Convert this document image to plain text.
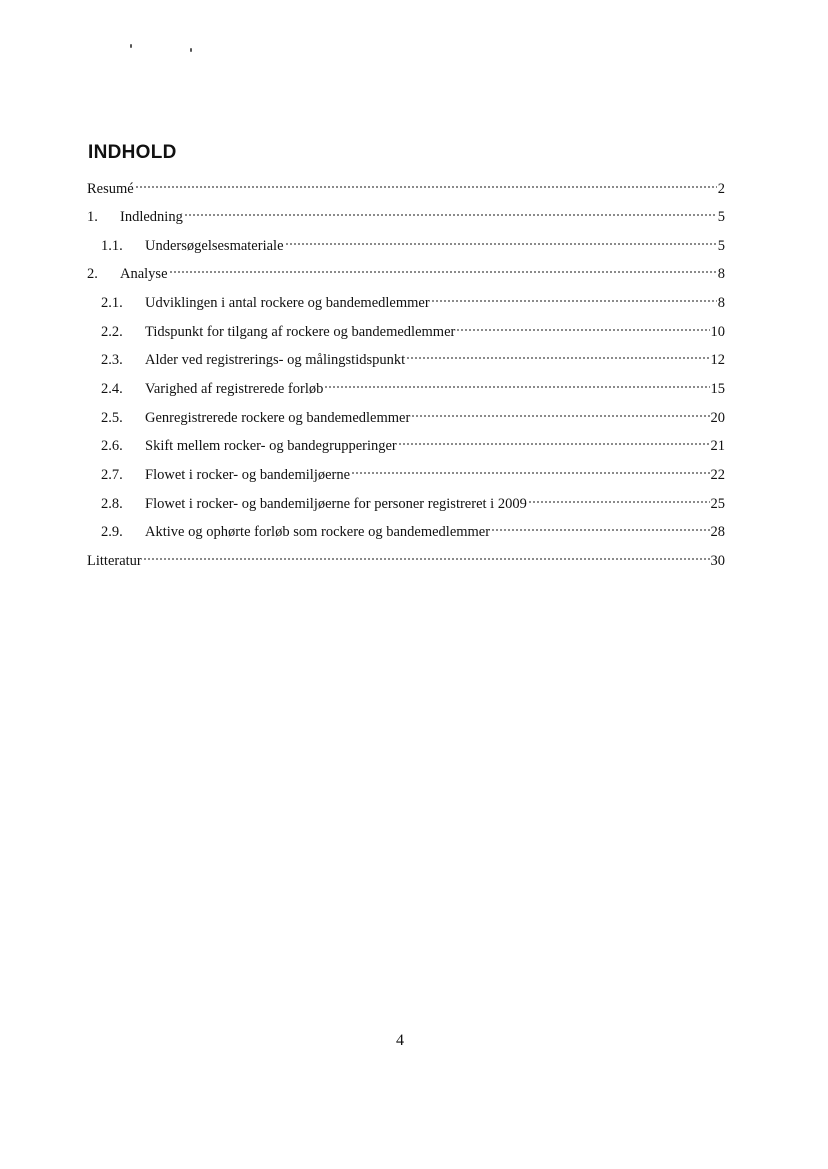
INDHOLD
Resumé	2
1.	Indledning	5
1.1.	Undersøgelsesmateriale	5
2.	Analyse	8
2.1.	Udviklingen i antal rockere og bandemedlemmer	8
2.2.	Tidspunkt for tilgang af rockere og bandemedlemmer	10
2.3.	Alder ved registrerings- og målingstidspunkt	12
2.4.	Varighed af registrerede forløb	15
2.5.	Genregistrerede rockere og bandemedlemmer	20
2.6.	Skift mellem rocker- og bandegrupperinger	21
2.7.	Flowet i rocker- og bandemiljøerne	22
2.8.	Flowet i rocker- og bandemiljøerne for personer registreret i 2009	25
2.9.	Aktive og ophørte forløb som rockere og bandemedlemmer	28
Litteratur	30
4
